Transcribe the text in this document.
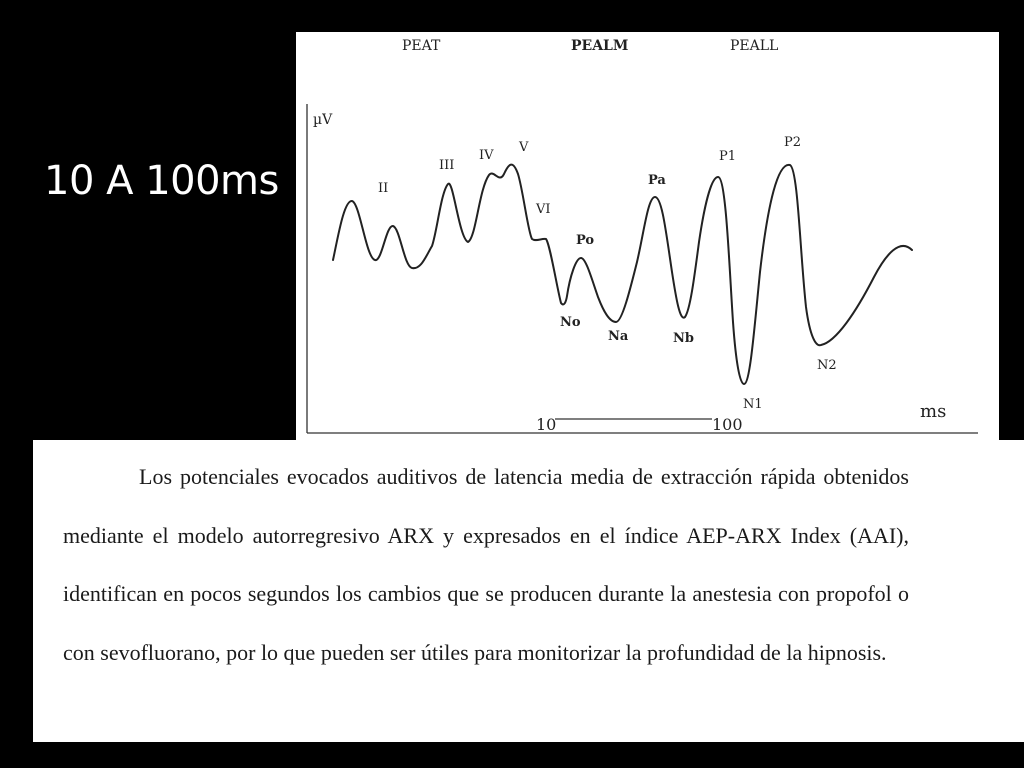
10 A 100ms
PEAT	PEALM	PEALL
µV
ms
10	100
II
III
IV
V
VI
Po
Pa
P1
P2
No
Na	Nb
N1
N2

Los potenciales evocados auditivos de latencia media de extracción rápida obtenidos mediante el modelo autorregresivo ARX y expresados en el índice AEP-ARX Index (AAI), identifican en pocos segundos los cambios que se producen durante la anestesia con propofol o con sevofluorano, por lo que pueden ser útiles para monitorizar la profundidad de la hipnosis.
